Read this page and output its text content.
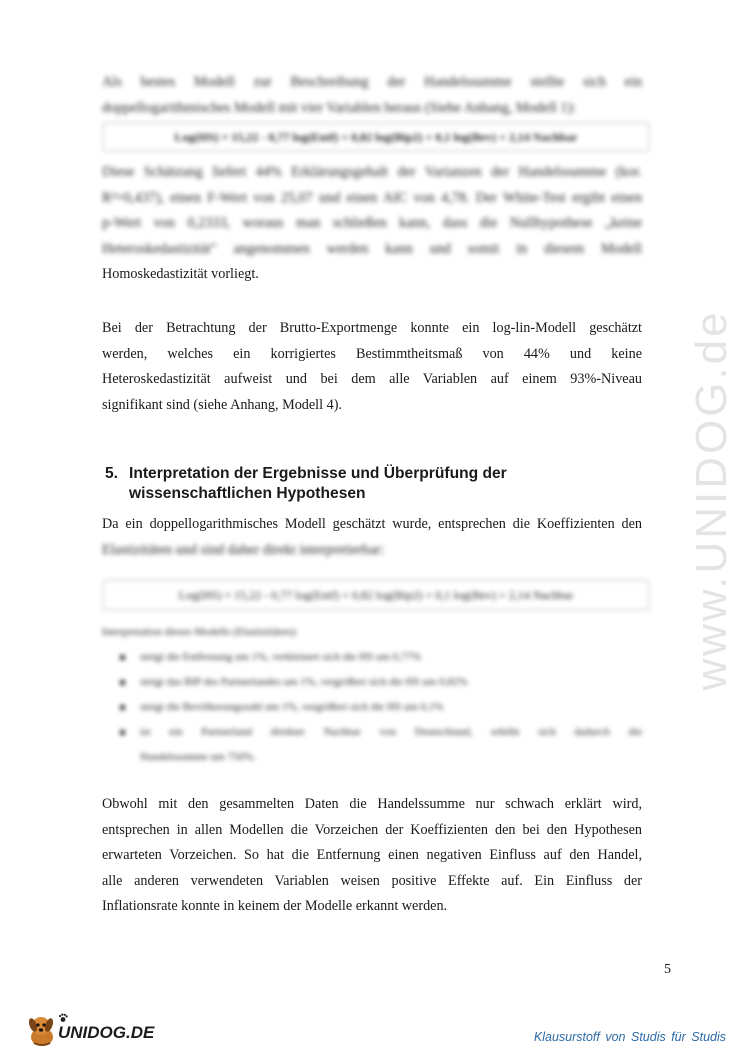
Als bestes Modell zur Beschreibung der Handelssumme stellte sich ein
doppellogarithmisches Modell mit vier Variablen heraus (Siehe Anhang, Modell 1):
Log(HS) = 15,22 - 0,77 log(Entf) + 0,82 log(Bip2) + 0,1 log(Bev) + 2,14 Nachbar
Diese Schätzung liefert 44% Erklärungsgehalt der Varianzen der Handelssumme (kor.
R²=0,437), einen F-Wert von 25,07 und einen AIC von 4,78. Der White-Test ergibt einen
p-Wert von 0,2333, woraus man schließen kann, dass die Nullhypothese „keine
Heteroskedastizität" angenommen werden kann und somit in diesem Modell
Homoskedastizität vorliegt.
Bei der Betrachtung der Brutto-Exportmenge konnte ein log-lin-Modell geschätzt
werden, welches ein korrigiertes Bestimmtheitsmaß von 44% und keine
Heteroskedastizität aufweist und bei dem alle Variablen auf einem 93%-Niveau
signifikant sind (siehe Anhang, Modell 4).
5. Interpretation der Ergebnisse und Überprüfung der
wissenschaftlichen Hypothesen
Da ein doppellogarithmisches Modell geschätzt wurde, entsprechen die Koeffizienten den
Elastizitäten und sind daher direkt interpretierbar:
Log(HS) = 15,22 - 0,77 log(Entf) + 0,82 log(Bip2) + 0,1 log(Bev) + 2,14 Nachbar
Interpretation dieses Modells (Elastizitäten):
steigt die Entfernung um 1%, verkleinert sich die HS um 0,77%
steigt das BIP des Partnerlandes um 1%, vergrößert sich die HS um 0,82%
steigt die Bevölkerungszahl um 1%, vergrößert sich die HS um 0,1%
ist ein Partnerland direkter Nachbar von Deutschland, erhöht sich dadurch die
Handelssumme um 750%.
Obwohl mit den gesammelten Daten die Handelssumme nur schwach erklärt wird,
entsprechen in allen Modellen die Vorzeichen der Koeffizienten den bei den Hypothesen
erwarteten Vorzeichen. So hat die Entfernung einen negativen Einfluss auf den Handel,
alle anderen verwendeten Variablen weisen positive Effekte auf. Ein Einfluss der
Inflationsrate konnte in keinem der Modelle erkannt werden.
5
www.UNIDOG.de
UNIDOG.DE	Klausurstoff von Studis für Studis
